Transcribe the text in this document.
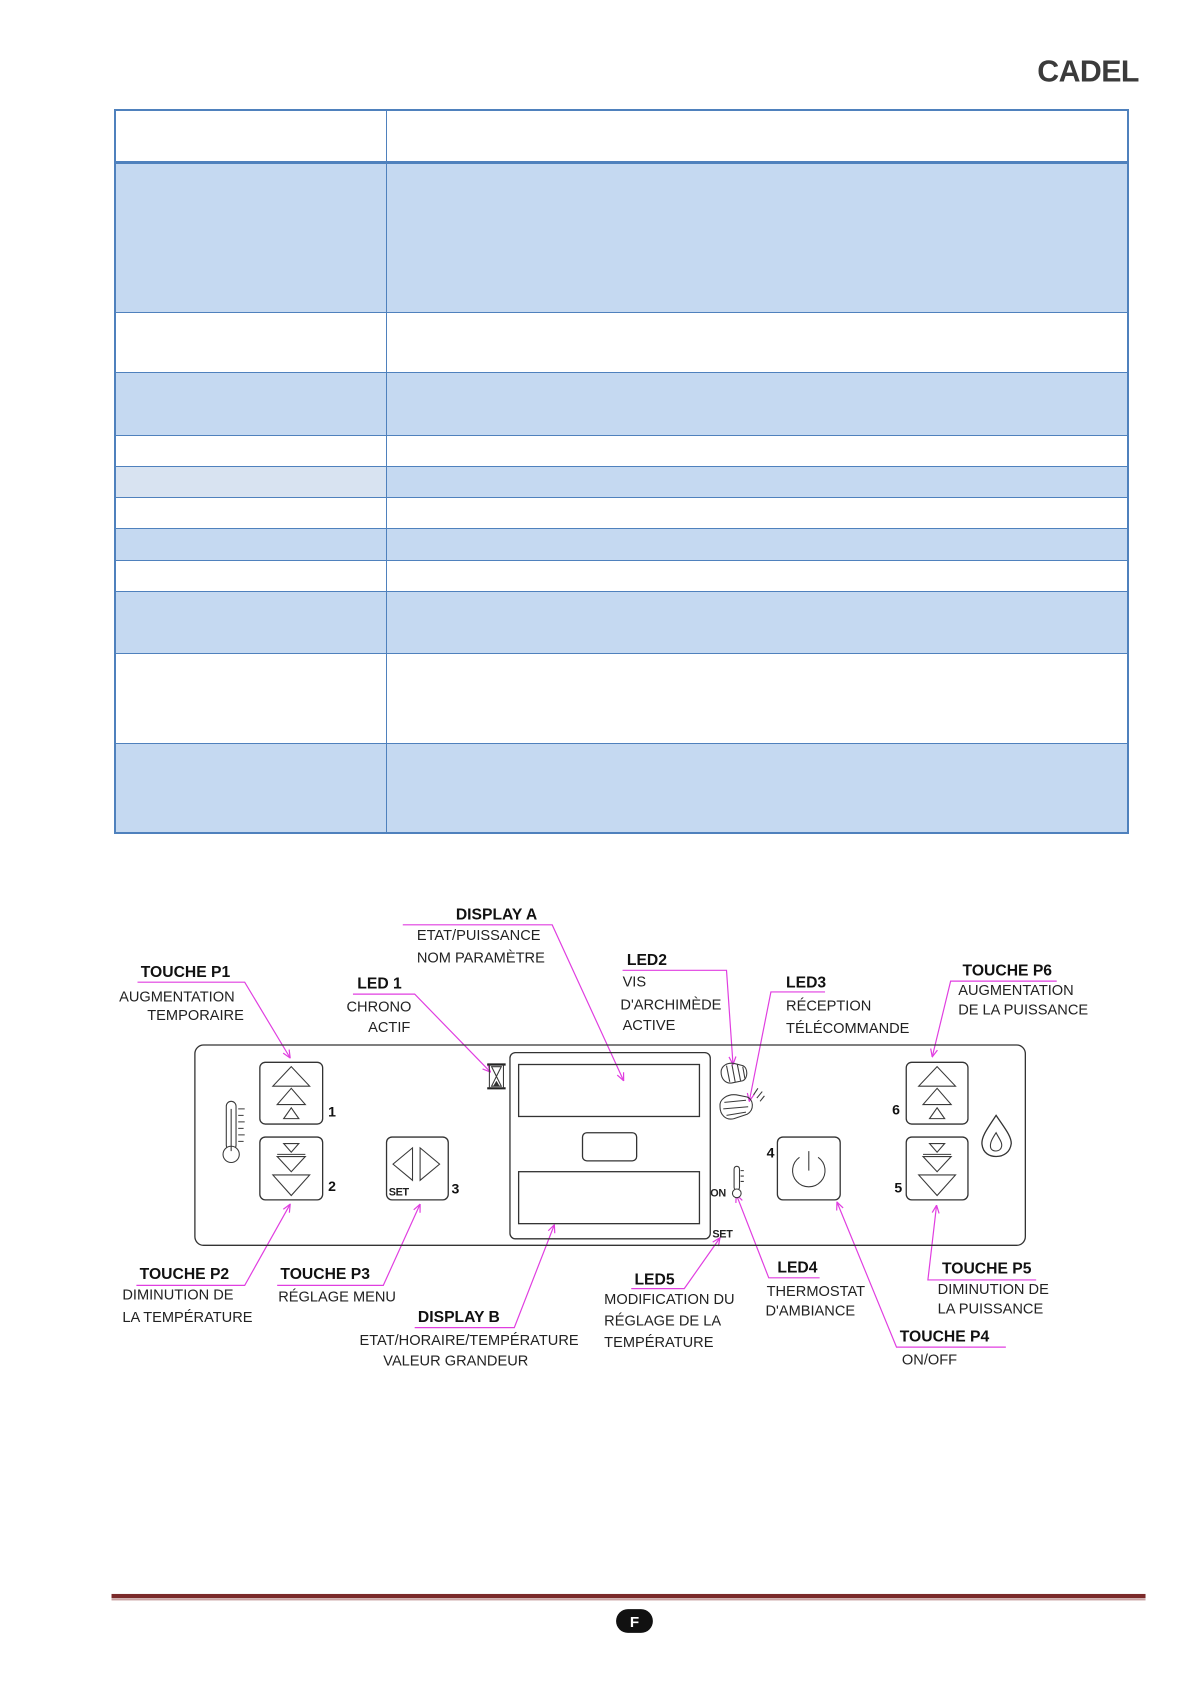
CADEL
DISPLAY A
ETAT/PUISSANCE
NOM PARAMÈTRE
TOUCHE P1
AUGMENTATION
TEMPORAIRE
LED 1
CHRONO
ACTIF
LED2
VIS
D'ARCHIMÈDE
ACTIVE
LED3
RÉCEPTION
TÉLÉCOMMANDE
TOUCHE P6
AUGMENTATION
DE LA PUISSANCE
TOUCHE P2
DIMINUTION DE
LA TEMPÉRATURE
TOUCHE P3
RÉGLAGE MENU
DISPLAY B
ETAT/HORAIRE/TEMPÉRATURE
VALEUR GRANDEUR
LED5
MODIFICATION DU
RÉGLAGE DE LA
TEMPÉRATURE
LED4
THERMOSTAT
D'AMBIANCE
TOUCHE P5
DIMINUTION DE
LA PUISSANCE
TOUCHE P4
ON/OFF
1
2	SET	3	ON
SET
4
6
5
F
